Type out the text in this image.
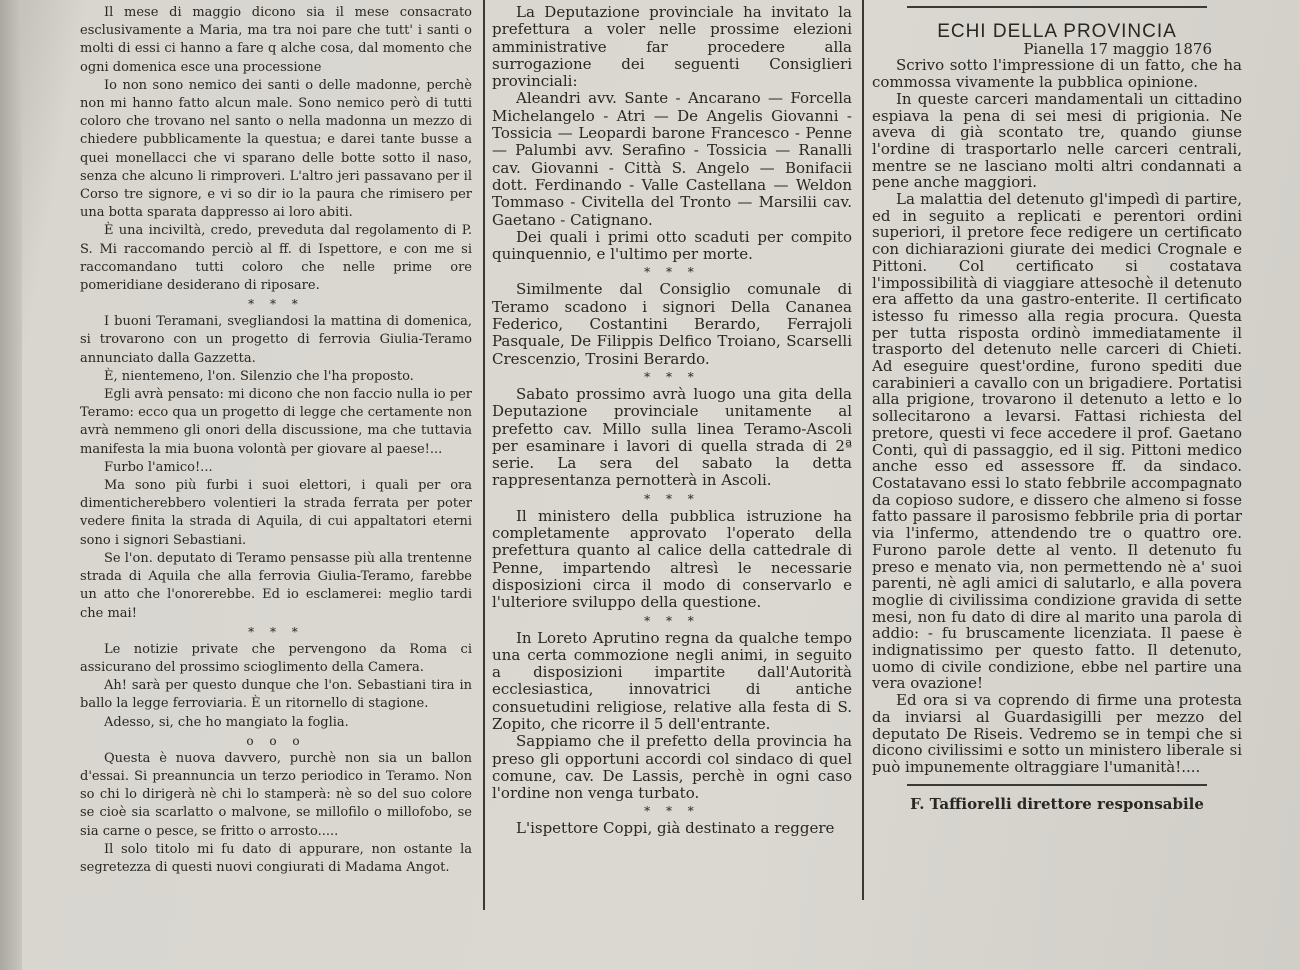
Il mese di maggio dicono sia il mese consacrato esclusivamente a Maria, ma tra noi pare che tutt' i santi o molti di essi ci hanno a fare q alche cosa, dal momento che ogni domenica esce una processione

Io non sono nemico dei santi o delle madonne, perchè non mi hanno fatto alcun male. Sono nemico però di tutti coloro che trovano nel santo o nella madonna un mezzo di chiedere pubblicamente la questua; e darei tante busse a quei monellacci che vi sparano delle botte sotto il naso, senza che alcuno li rimproveri. L'altro jeri passavano per il Corso tre signore, e vi so dir io la paura che rimisero per una botta sparata dappresso ai loro abiti.

È una inciviltà, credo, preveduta dal regolamento di P. S. Mi raccomando perciò al ff. di Ispettore, e con me si raccomandano tutti coloro che nelle prime ore pomeridiane desiderano di riposare.

* * *

I buoni Teramani, svegliandosi la mattina di domenica, si trovarono con un progetto di ferrovia Giulia-Teramo annunciato dalla Gazzetta.

È, nientemeno, l'on. Silenzio che l'ha proposto.

Egli avrà pensato: mi dicono che non faccio nulla io per Teramo: ecco qua un progetto di legge che certamente non avrà nemmeno gli onori della discussione, ma che tuttavia manifesta la mia buona volontà per giovare al paese!...

Furbo l'amico!...

Ma sono più furbi i suoi elettori, i quali per ora dimenticherebbero volentieri la strada ferrata per poter vedere finita la strada di Aquila, di cui appaltatori eterni sono i signori Sebastiani.

Se l'on. deputato di Teramo pensasse più alla trentenne strada di Aquila che alla ferrovia Giulia-Teramo, farebbe un atto che l'onorerebbe. Ed io esclamerei: meglio tardi che mai!

* * *

Le notizie private che pervengono da Roma ci assicurano del prossimo scioglimento della Camera.

Ah! sarà per questo dunque che l'on. Sebastiani tira in ballo la legge ferroviaria. È un ritornello di stagione.

Adesso, si, che ho mangiato la foglia.

o o o

Questa è nuova davvero, purchè non sia un ballon d'essai. Si preannuncia un terzo periodico in Teramo. Non so chi lo dirigerà nè chi lo stamperà: nè so del suo colore se cioè sia scarlatto o malvone, se millofilo o millofobo, se sia carne o pesce, se fritto o arrosto.....

Il solo titolo mi fu dato di appurare, non ostante la segretezza di questi nuovi congiurati di Madama Angot.

La Deputazione provinciale ha invitato la prefettura a voler nelle prossime elezioni amministrative far procedere alla surrogazione dei seguenti Consiglieri provinciali:

Aleandri avv. Sante - Ancarano — Forcella Michelangelo - Atri — De Angelis Giovanni - Tossicia — Leopardi barone Francesco - Penne — Palumbi avv. Serafino - Tossicia — Ranalli cav. Giovanni - Città S. Angelo — Bonifacii dott. Ferdinando - Valle Castellana — Weldon Tommaso - Civitella del Tronto — Marsilii cav. Gaetano - Catignano.

Dei quali i primi otto scaduti per compito quinquennio, e l'ultimo per morte.

* * *

Similmente dal Consiglio comunale di Teramo scadono i signori Della Cananea Federico, Costantini Berardo, Ferrajoli Pasquale, De Filippis Delfico Troiano, Scarselli Crescenzio, Trosini Berardo.

* * *

Sabato prossimo avrà luogo una gita della Deputazione provinciale unitamente al prefetto cav. Millo sulla linea Teramo-Ascoli per esaminare i lavori di quella strada di 2ª serie. La sera del sabato la detta rappresentanza pernotterà in Ascoli.

* * *

Il ministero della pubblica istruzione ha completamente approvato l'operato della prefettura quanto al calice della cattedrale di Penne, impartendo altresì le necessarie disposizioni circa il modo di conservarlo e l'ulteriore sviluppo della questione.

* * *

In Loreto Aprutino regna da qualche tempo una certa commozione negli animi, in seguito a disposizioni impartite dall'Autorità ecclesiastica, innovatrici di antiche consuetudini religiose, relative alla festa di S. Zopito, che ricorre il 5 dell'entrante.

Sappiamo che il prefetto della provincia ha preso gli opportuni accordi col sindaco di quel comune, cav. De Lassis, perchè in ogni caso l'ordine non venga turbato.

* * *

L'ispettore Coppi, già destinato a reggere

ECHI DELLA PROVINCIA
Pianella 17 maggio 1876

Scrivo sotto l'impressione di un fatto, che ha commossa vivamente la pubblica opinione.

In queste carceri mandamentali un cittadino espiava la pena di sei mesi di prigionia. Ne aveva di già scontato tre, quando giunse l'ordine di trasportarlo nelle carceri centrali, mentre se ne lasciano molti altri condannati a pene anche maggiori.

La malattia del detenuto gl'impedì di partire, ed in seguito a replicati e perentori ordini superiori, il pretore fece redigere un certificato con dichiarazioni giurate dei medici Crognale e Pittoni. Col certificato si costatava l'impossibilità di viaggiare attesochè il detenuto era affetto da una gastro-enterite. Il certificato istesso fu rimesso alla regia procura. Questa per tutta risposta ordinò immediatamente il trasporto del detenuto nelle carceri di Chieti. Ad eseguire quest'ordine, furono spediti due carabinieri a cavallo con un brigadiere. Portatisi alla prigione, trovarono il detenuto a letto e lo sollecitarono a levarsi. Fattasi richiesta del pretore, questi vi fece accedere il prof. Gaetano Conti, quì di passaggio, ed il sig. Pittoni medico anche esso ed assessore ff. da sindaco. Costatavano essi lo stato febbrile accompagnato da copioso sudore, e dissero che almeno si fosse fatto passare il parosismo febbrile pria di portar via l'infermo, attendendo tre o quattro ore. Furono parole dette al vento. Il detenuto fu preso e menato via, non permettendo nè a' suoi parenti, nè agli amici di salutarlo, e alla povera moglie di civilissima condizione gravida di sette mesi, non fu dato di dire al marito una parola di addio: - fu bruscamente licenziata. Il paese è indignatissimo per questo fatto. Il detenuto, uomo di civile condizione, ebbe nel partire una vera ovazione!

Ed ora si va coprendo di firme una protesta da inviarsi al Guardasigilli per mezzo del deputato De Riseis. Vedremo se in tempi che si dicono civilissimi e sotto un ministero liberale si può impunemente oltraggiare l'umanità!....

F. Taffiorelli direttore responsabile
